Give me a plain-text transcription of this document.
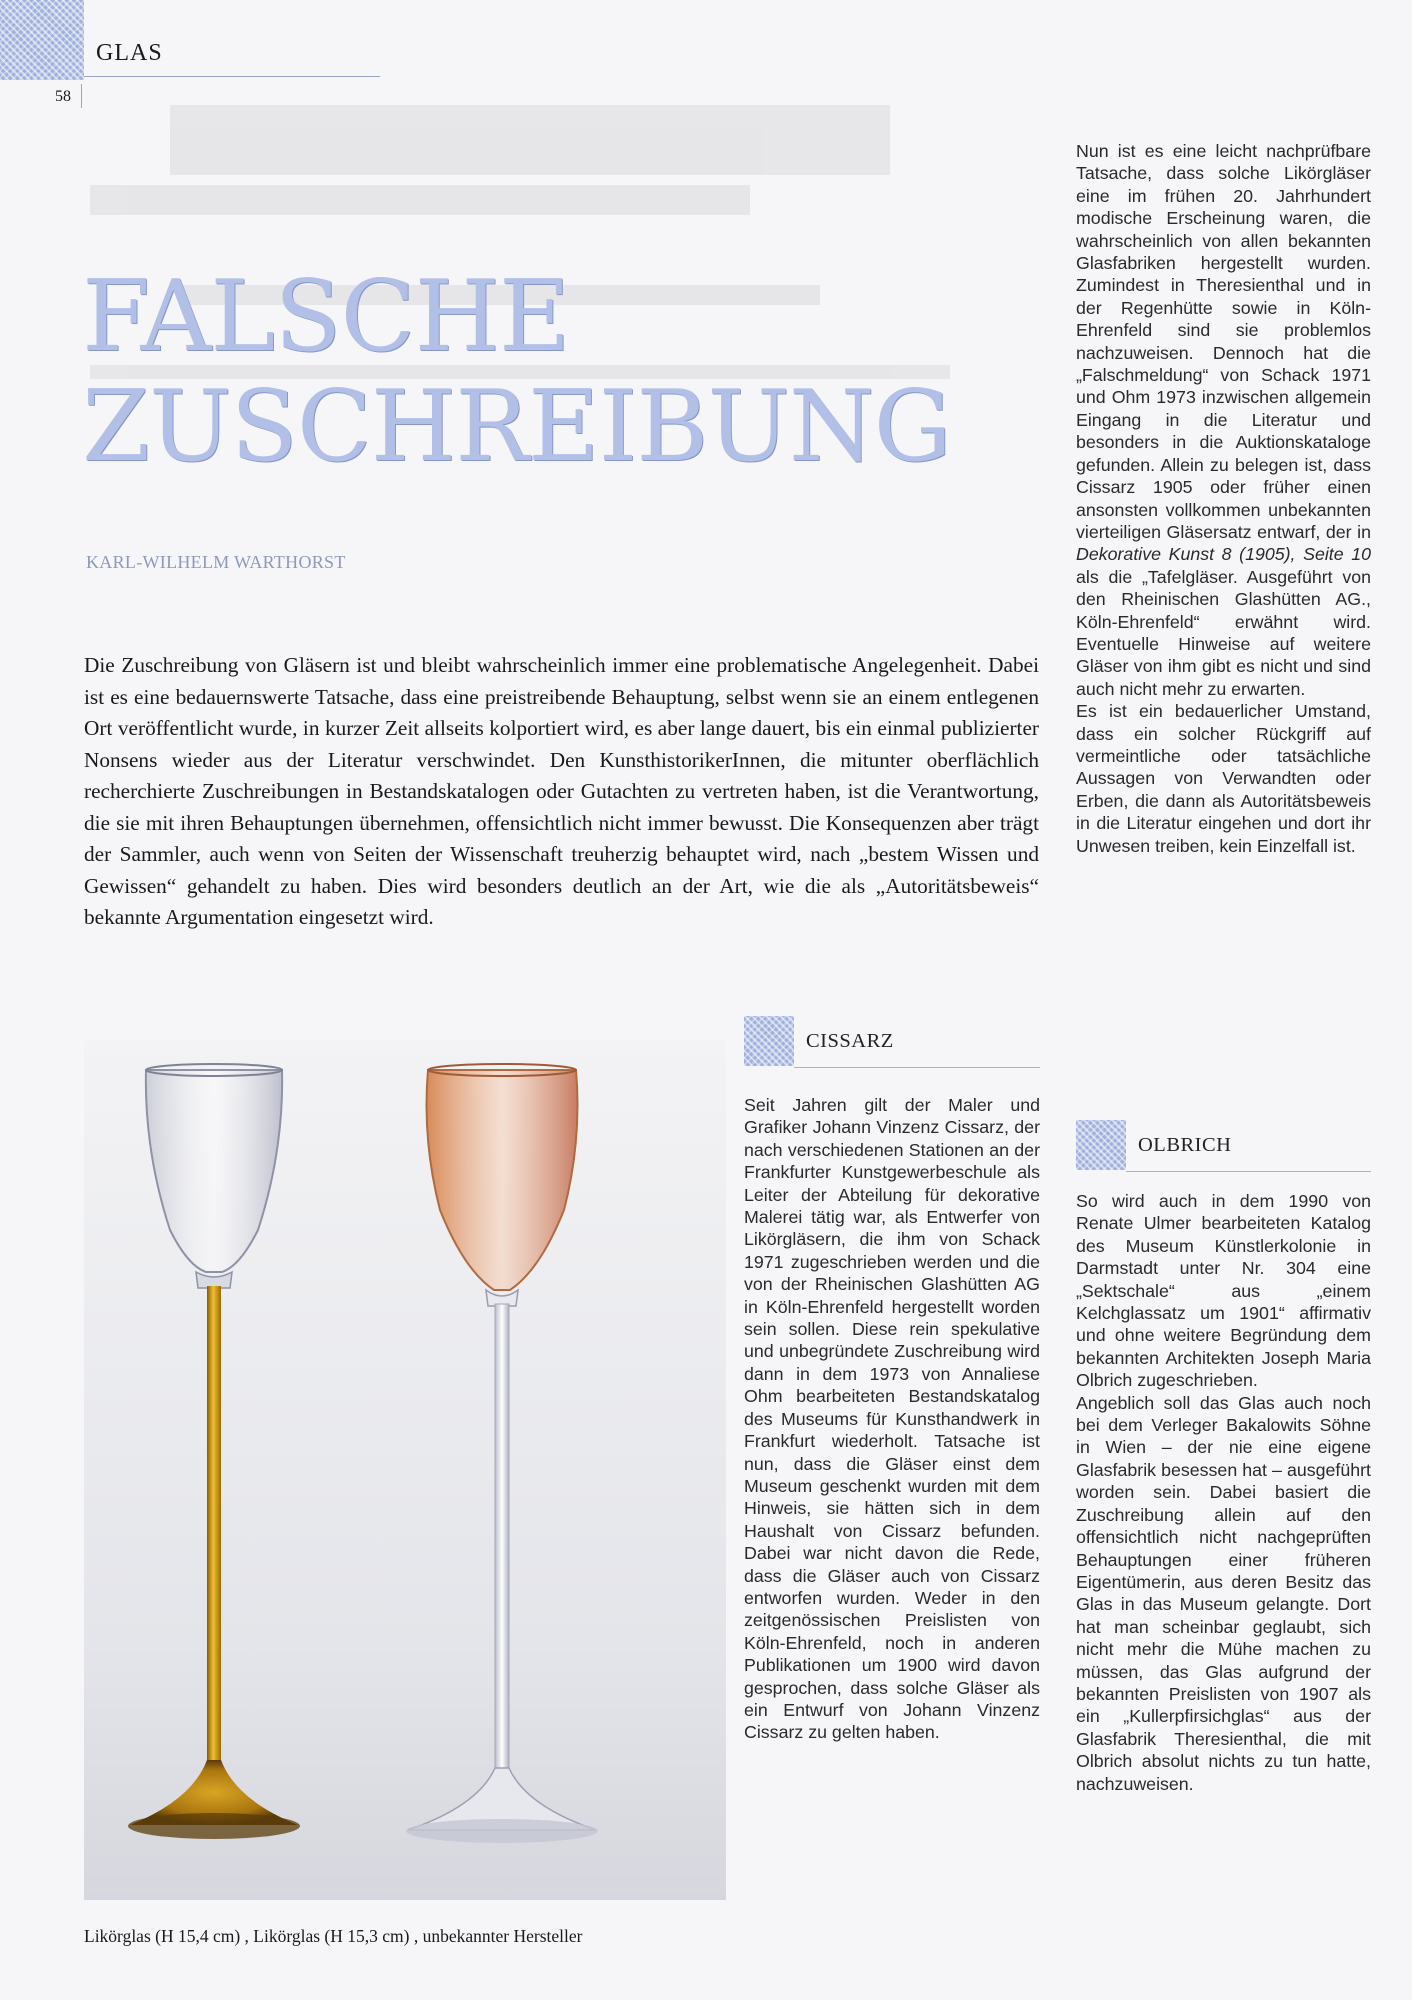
GLAS
58
FALSCHE
ZUSCHREIBUNG
KARL-WILHELM WARTHORST

Die Zuschreibung von Gläsern ist und bleibt wahrscheinlich immer eine problematische Angelegenheit. Dabei ist es eine bedauernswerte Tatsache, dass eine preistreibende Behauptung, selbst wenn sie an einem entlegenen Ort veröffentlicht wurde, in kurzer Zeit allseits kolportiert wird, es aber lange dauert, bis ein einmal publizierter Nonsens wieder aus der Literatur verschwindet. Den KunsthistorikerInnen, die mitunter oberflächlich recherchierte Zuschreibungen in Bestandskatalogen oder Gutachten zu vertreten haben, ist die Verantwortung, die sie mit ihren Behauptungen übernehmen, offensichtlich nicht immer bewusst. Die Konsequenzen aber trägt der Sammler, auch wenn von Seiten der Wissenschaft treuherzig behauptet wird, nach „bestem Wissen und Gewissen“ gehandelt zu haben. Dies wird besonders deutlich an der Art, wie die als „Autoritätsbeweis“ bekannte Argumentation eingesetzt wird.

Nun ist es eine leicht nachprüfbare Tatsache, dass solche Likörgläser eine im frühen 20. Jahrhundert modische Erscheinung waren, die wahrscheinlich von allen bekannten Glasfabriken hergestellt wurden. Zumindest in Theresienthal und in der Regenhütte sowie in Köln-Ehrenfeld sind sie problemlos nachzuweisen. Dennoch hat die „Falschmeldung“ von Schack 1971 und Ohm 1973 inzwischen allgemein Eingang in die Literatur und besonders in die Auktionskataloge gefunden. Allein zu belegen ist, dass Cissarz 1905 oder früher einen ansonsten vollkommen unbekannten vierteiligen Gläsersatz entwarf, der in Dekorative Kunst 8 (1905), Seite 10 als die „Tafelgläser. Ausgeführt von den Rheinischen Glashütten AG., Köln-Ehrenfeld“ erwähnt wird. Eventuelle Hinweise auf weitere Gläser von ihm gibt es nicht und sind auch nicht mehr zu erwarten.

Es ist ein bedauerlicher Umstand, dass ein solcher Rückgriff auf vermeintliche oder tatsächliche Aussagen von Verwandten oder Erben, die dann als Autoritätsbeweis in die Literatur eingehen und dort ihr Unwesen treiben, kein Einzelfall ist.

CISSARZ

Seit Jahren gilt der Maler und Grafiker Johann Vinzenz Cissarz, der nach verschiedenen Stationen an der Frankfurter Kunstgewerbeschule als Leiter der Abteilung für dekorative Malerei tätig war, als Entwerfer von Likörgläsern, die ihm von Schack 1971 zugeschrieben werden und die von der Rheinischen Glashütten AG in Köln-Ehrenfeld hergestellt worden sein sollen. Diese rein spekulative und unbegründete Zuschreibung wird dann in dem 1973 von Annaliese Ohm bearbeiteten Bestandskatalog des Museums für Kunsthandwerk in Frankfurt wiederholt. Tatsache ist nun, dass die Gläser einst dem Museum geschenkt wurden mit dem Hinweis, sie hätten sich in dem Haushalt von Cissarz befunden. Dabei war nicht davon die Rede, dass die Gläser auch von Cissarz entworfen wurden. Weder in den zeitgenössischen Preislisten von Köln-Ehrenfeld, noch in anderen Publikationen um 1900 wird davon gesprochen, dass solche Gläser als ein Entwurf von Johann Vinzenz Cissarz zu gelten haben.

OLBRICH

So wird auch in dem 1990 von Renate Ulmer bearbeiteten Katalog des Museum Künstlerkolonie in Darmstadt unter Nr. 304 eine „Sektschale“ aus „einem Kelchglassatz um 1901“ affirmativ und ohne weitere Begründung dem bekannten Architekten Joseph Maria Olbrich zugeschrieben.

Angeblich soll das Glas auch noch bei dem Verleger Bakalowits Söhne in Wien – der nie eine eigene Glasfabrik besessen hat – ausgeführt worden sein. Dabei basiert die Zuschreibung allein auf den offensichtlich nicht nachgeprüften Behauptungen einer früheren Eigentümerin, aus deren Besitz das Glas in das Museum gelangte. Dort hat man scheinbar geglaubt, sich nicht mehr die Mühe machen zu müssen, das Glas aufgrund der bekannten Preislisten von 1907 als ein „Kullerpfirsichglas“ aus der Glasfabrik Theresienthal, die mit Olbrich absolut nichts zu tun hatte, nachzuweisen.

Likörglas (H 15,4 cm) , Likörglas (H 15,3 cm) , unbekannter Hersteller
